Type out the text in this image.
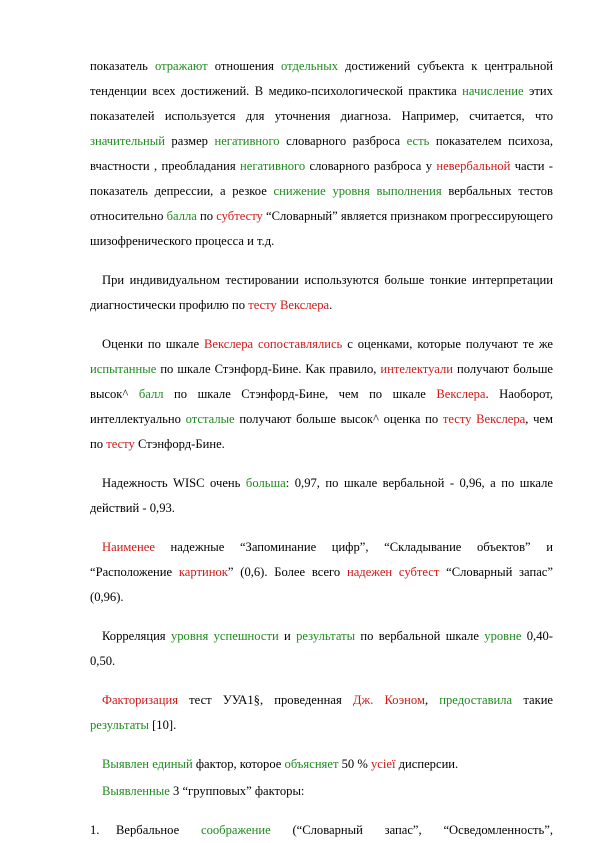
показатель отражают отношения отдельных достижений субъекта к центральной тенденции всех достижений. В медико-психологической практика начисление этих показателей используется для уточнения диагноза. Например, считается, что значительный размер негативного словарного разброса есть показателем психоза, вчастности , преобладания негативного словарного разброса у невербальной части - показатель депрессии, а резкое снижение уровня выполнения вербальных тестов относительно балла по субтесту “Словарный” является признаком прогрессирующего шизофренического процесса и т.д.

При индивидуальном тестировании используются больше тонкие интерпретации диагностически профилю по тесту Векслера.

Оценки по шкале Векслера сопоставлялись с оценками, которые получают те же испытанные по шкале Стэнфорд-Бине. Как правило, интелектуали получают больше высок^ балл по шкале Стэнфорд-Бине, чем по шкале Векслера. Наоборот, интеллектуально отсталые получают больше высок^ оценка по тесту Векслера, чем по тесту Стэнфорд-Бине.

Надежность WISC очень больша: 0,97, по шкале вербальной - 0,96, а по шкале действий - 0,93.

Наименее надежные “Запоминание цифр”, “Складывание объектов” и “Расположение картинок” (0,6). Более всего надежен субтест “Словарный запас” (0,96).

Корреляция уровня успешности и результаты по вербальной шкале уровне 0,40-0,50.

Факторизация тест УУА1§, проведенная Дж. Коэном, предоставила такие результаты [10].

Выявлен единый фактор, которое объясняет 50 % усіеї дисперсии.

Выявленные 3 “групповых” факторы:

1.	Вербальное соображение (“Словарный запас”, “Осведомленность”,
